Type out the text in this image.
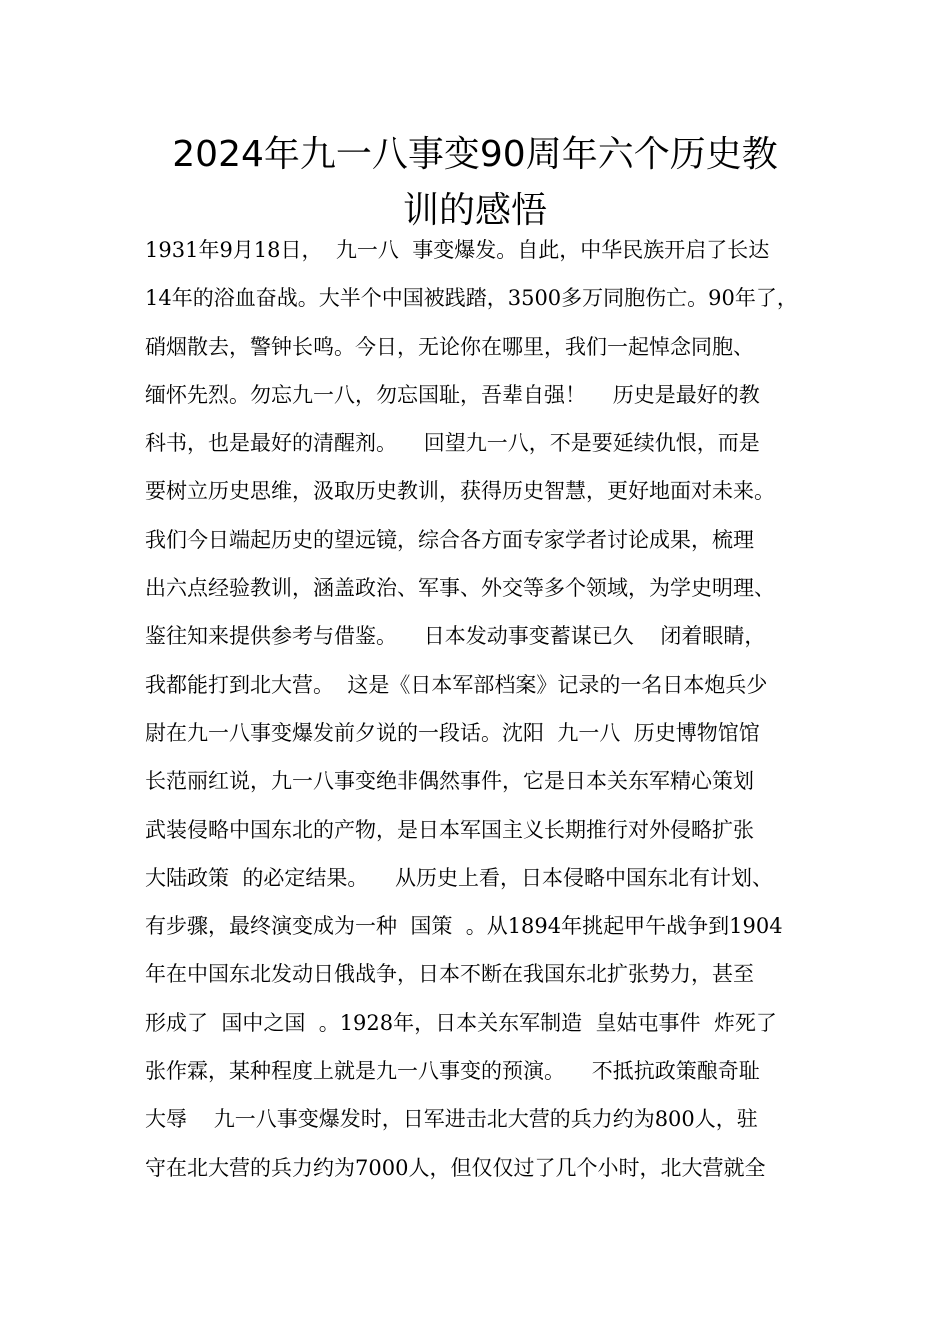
2024年九一八事变90周年六个历史教
训的感悟
1931年9月18日，  九一八  事变爆发。自此，中华民族开启了长达
14年的浴血奋战。大半个中国被践踏，3500多万同胞伤亡。90年了，
硝烟散去，警钟长鸣。今日，无论你在哪里，我们一起悼念同胞、
缅怀先烈。勿忘九一八，勿忘国耻，吾辈自强！    历史是最好的教
科书，也是最好的清醒剂。    回望九一八，不是要延续仇恨，而是
要树立历史思维，汲取历史教训，获得历史智慧，更好地面对未来。
我们今日端起历史的望远镜，综合各方面专家学者讨论成果，梳理
出六点经验教训，涵盖政治、军事、外交等多个领域，为学史明理、
鉴往知来提供参考与借鉴。    日本发动事变蓄谋已久    闭着眼睛，
我都能打到北大营。  这是《日本军部档案》记录的一名日本炮兵少
尉在九一八事变爆发前夕说的一段话。沈阳  九一八  历史博物馆馆
长范丽红说，九一八事变绝非偶然事件，它是日本关东军精心策划
武装侵略中国东北的产物，是日本军国主义长期推行对外侵略扩张
大陆政策  的必定结果。    从历史上看，日本侵略中国东北有计划、
有步骤，最终演变成为一种  国策  。从1894年挑起甲午战争到1904
年在中国东北发动日俄战争，日本不断在我国东北扩张势力，甚至
形成了  国中之国  。1928年，日本关东军制造  皇姑屯事件  炸死了
张作霖，某种程度上就是九一八事变的预演。    不抵抗政策酿奇耻
大辱    九一八事变爆发时，日军进击北大营的兵力约为800人，驻
守在北大营的兵力约为7000人，但仅仅过了几个小时，北大营就全
